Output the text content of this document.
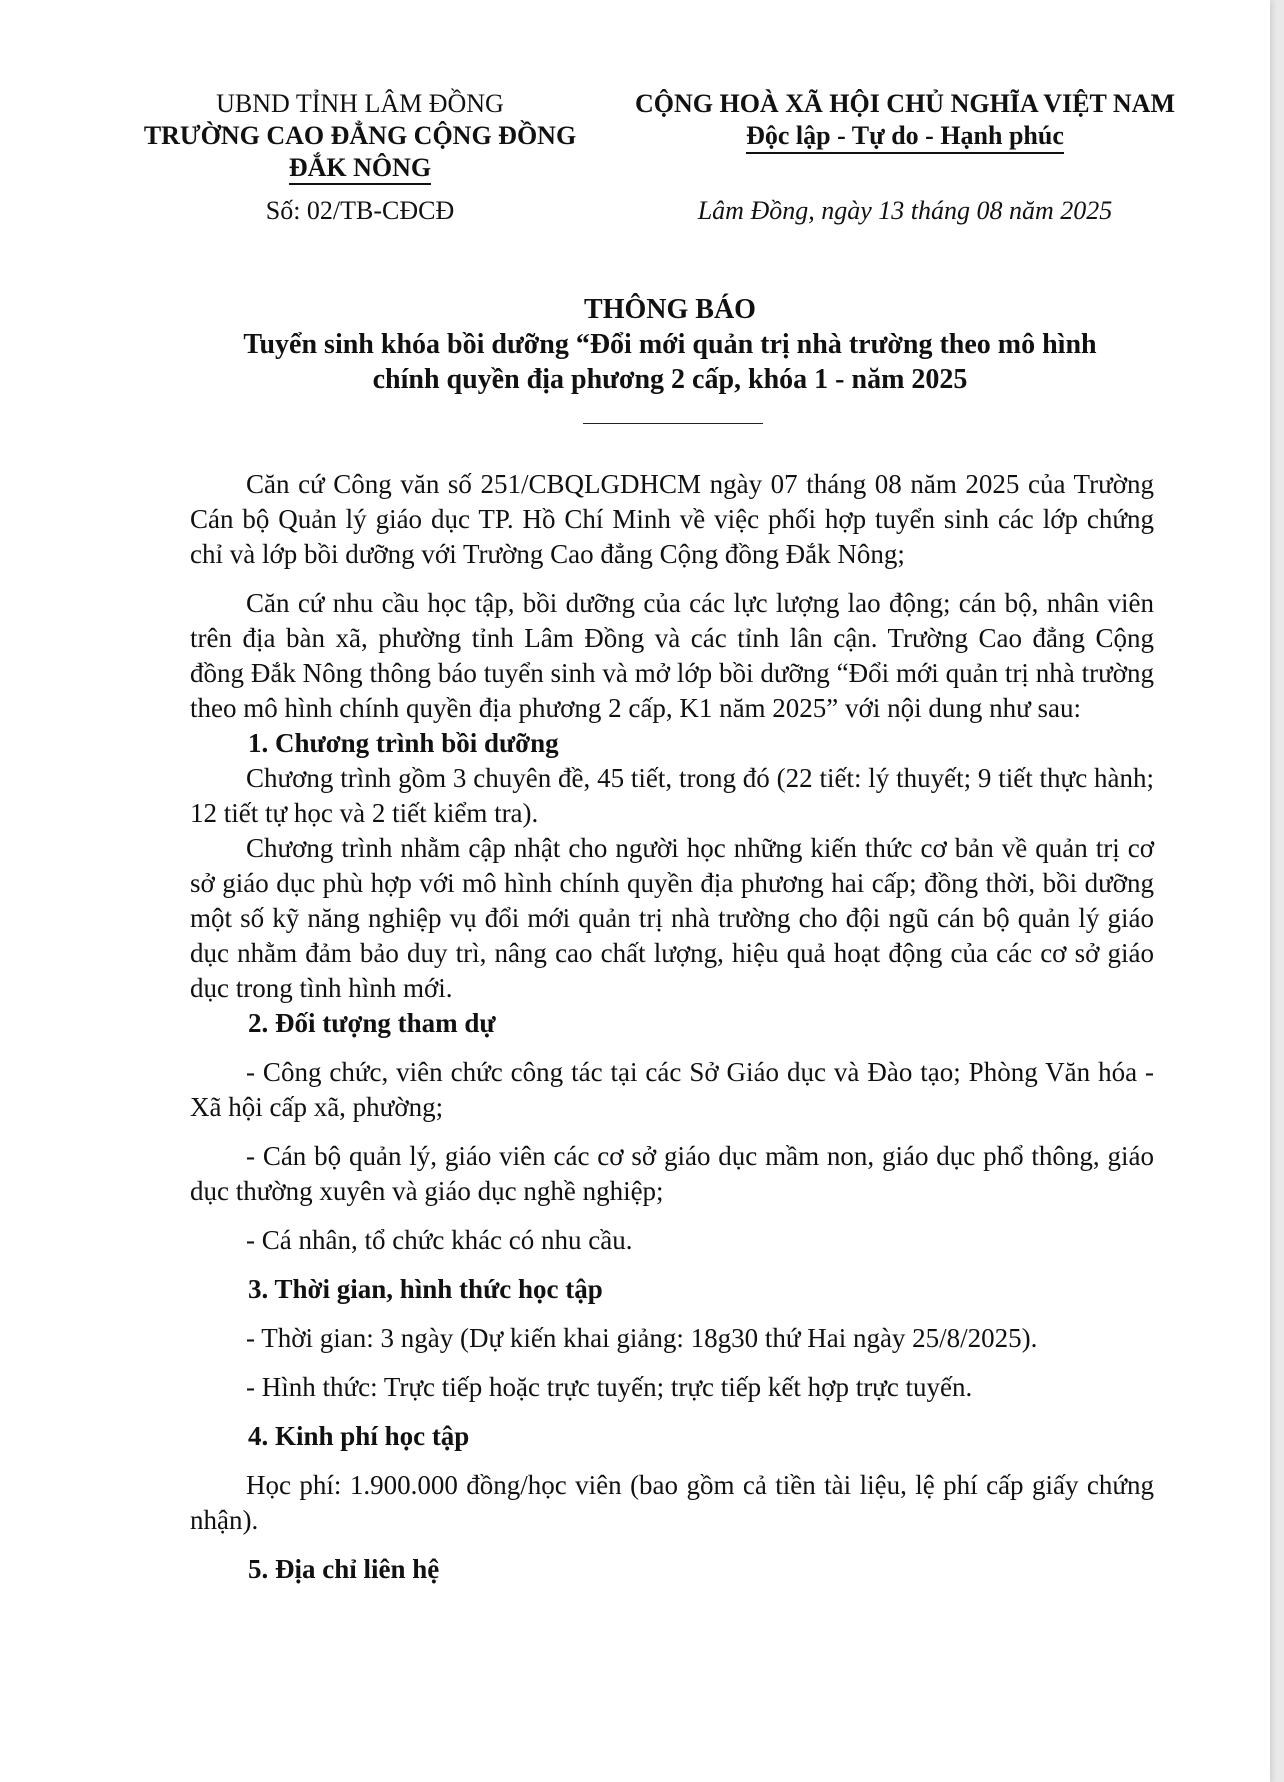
UBND TỈNH LÂM ĐỒNG
TRƯỜNG CAO ĐẲNG CỘNG ĐỒNG
ĐẮK NÔNG
CỘNG HOÀ XÃ HỘI CHỦ NGHĨA VIỆT NAM
Độc lập - Tự do - Hạnh phúc
Số: 02/TB-CĐCĐ	Lâm Đồng, ngày 13 tháng 08 năm 2025
THÔNG BÁO
Tuyển sinh khóa bồi dưỡng “Đổi mới quản trị nhà trường theo mô hình
chính quyền địa phương 2 cấp, khóa 1 - năm 2025

Căn cứ Công văn số 251/CBQLGDHCM ngày 07 tháng 08 năm 2025 của Trường Cán bộ Quản lý giáo dục TP. Hồ Chí Minh về việc phối hợp tuyển sinh các lớp chứng chỉ và lớp bồi dưỡng với Trường Cao đẳng Cộng đồng Đắk Nông;

Căn cứ nhu cầu học tập, bồi dưỡng của các lực lượng lao động; cán bộ, nhân viên trên địa bàn xã, phường tỉnh Lâm Đồng và các tỉnh lân cận. Trường Cao đẳng Cộng đồng Đắk Nông thông báo tuyển sinh và mở lớp bồi dưỡng “Đổi mới quản trị nhà trường theo mô hình chính quyền địa phương 2 cấp, K1 năm 2025” với nội dung như sau:

1. Chương trình bồi dưỡng

Chương trình gồm 3 chuyên đề, 45 tiết, trong đó (22 tiết: lý thuyết; 9 tiết thực hành; 12 tiết tự học và 2 tiết kiểm tra).

Chương trình nhằm cập nhật cho người học những kiến thức cơ bản về quản trị cơ sở giáo dục phù hợp với mô hình chính quyền địa phương hai cấp; đồng thời, bồi dưỡng một số kỹ năng nghiệp vụ đổi mới quản trị nhà trường cho đội ngũ cán bộ quản lý giáo dục nhằm đảm bảo duy trì, nâng cao chất lượng, hiệu quả hoạt động của các cơ sở giáo dục trong tình hình mới.

2. Đối tượng tham dự

- Công chức, viên chức công tác tại các Sở Giáo dục và Đào tạo; Phòng Văn hóa - Xã hội cấp xã, phường;

- Cán bộ quản lý, giáo viên các cơ sở giáo dục mầm non, giáo dục phổ thông, giáo dục thường xuyên và giáo dục nghề nghiệp;

- Cá nhân, tổ chức khác có nhu cầu.

3. Thời gian, hình thức học tập

- Thời gian: 3 ngày (Dự kiến khai giảng: 18g30 thứ Hai ngày 25/8/2025).

- Hình thức: Trực tiếp hoặc trực tuyến; trực tiếp kết hợp trực tuyến.

4. Kinh phí học tập

Học phí: 1.900.000 đồng/học viên (bao gồm cả tiền tài liệu, lệ phí cấp giấy chứng nhận).

5. Địa chỉ liên hệ
